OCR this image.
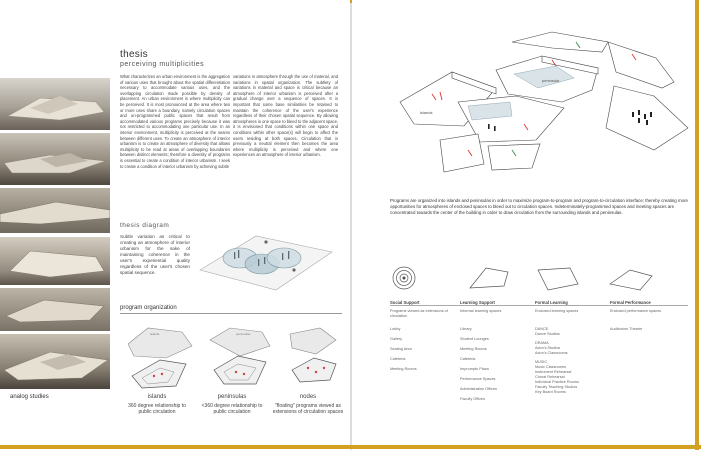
thesis
perceiving multiplicities
What characterizes an urban environment is the aggregation of various uses that brought about the spatial differentiation necessary to accommodate various uses, and the overlapping circulation made possible by density of placement. An urban environment is where multiplicity can be perceived. It is most pronounced at the area where two or more uses share a boundary, namely circulation spaces and un-programmed public spaces that result from accommodated various programs precisely because it was not restricted to accommodating one particular use. In an interior environment, multiplicity is perceived at the seams between different uses. To create an atmosphere of interior urbanism is to create an atmosphere of diversity that allows multiplicity to be read at areas of overlapping boundaries between distinct elements; therefore a diversity of programs is essential to create a condition of interior urbanism. I seek to create a condition of interior urbanism by achieving subtle
variations in atmosphere through the use of material, and variations in spatial organization. The subtlety of variations in material and space is critical because an atmosphere of interior urbanism is perceived after a gradual change over a sequence of spaces. It is important that some base similarities be retained to maintain the coherence of the user's experience regardless of their chosen spatial sequence. By allowing atmospheres in one space to bleed to the adjacent space, it is envisioned that conditions within one space and conditions within other space(s) will begin to affect the users residing at both spaces. Circulation that is previously a neutral element then becomes the area where multiplicity is perceived and where one experiences an atmosphere of interior urbanism.
thesis diagram
Subtle variation as critical to creating an atmosphere of interior urbanism for the sake of maintaining coherence in the user's experiential quality regardless of the user's chosen spatial sequence.
program organization
islands	peninsulas
analog studies	islands
360 degree relationship to public circulation
peninsulas
<360 degree relationship to public circulation
nodes
"floating" programs viewed as extensions of circulation spaces
islands
peninsula
Programs are organized into islands and peninsulas in order to maximize program-to-program and program-to-circulation interface; thereby creating more opportunities for atmospheres of enclosed spaces to bleed out to circulation spaces. Indeterminately-programmed spaces and meeting spaces are concentrated towards the center of the building in order to draw circulation from the surrounding islands and peninsulas.
Social Support
Programs viewed as extensions of circulation
Lobby
Gallery
Seating Area
Cafeteria
Meeting Rooms
Learning Support
Informal learning spaces
Library
Student Lounges
Meeting Rooms
Cafeteria
Impromptu Plaza
Performance Spaces
Administration Offices
Faculty Offices
Formal Learning
Enclosed learning spaces
DANCE
Dance Studios
DRAMA
Actor's Studios
Actor's Classrooms
MUSIC
Music Classrooms
Instrument Rehearsal
Choral Rehearsal
Individual Practice Rooms
Faculty Teaching Studios
Key Board Rooms
Formal Performance
Enclosed performance spaces
Auditorium Theatre
